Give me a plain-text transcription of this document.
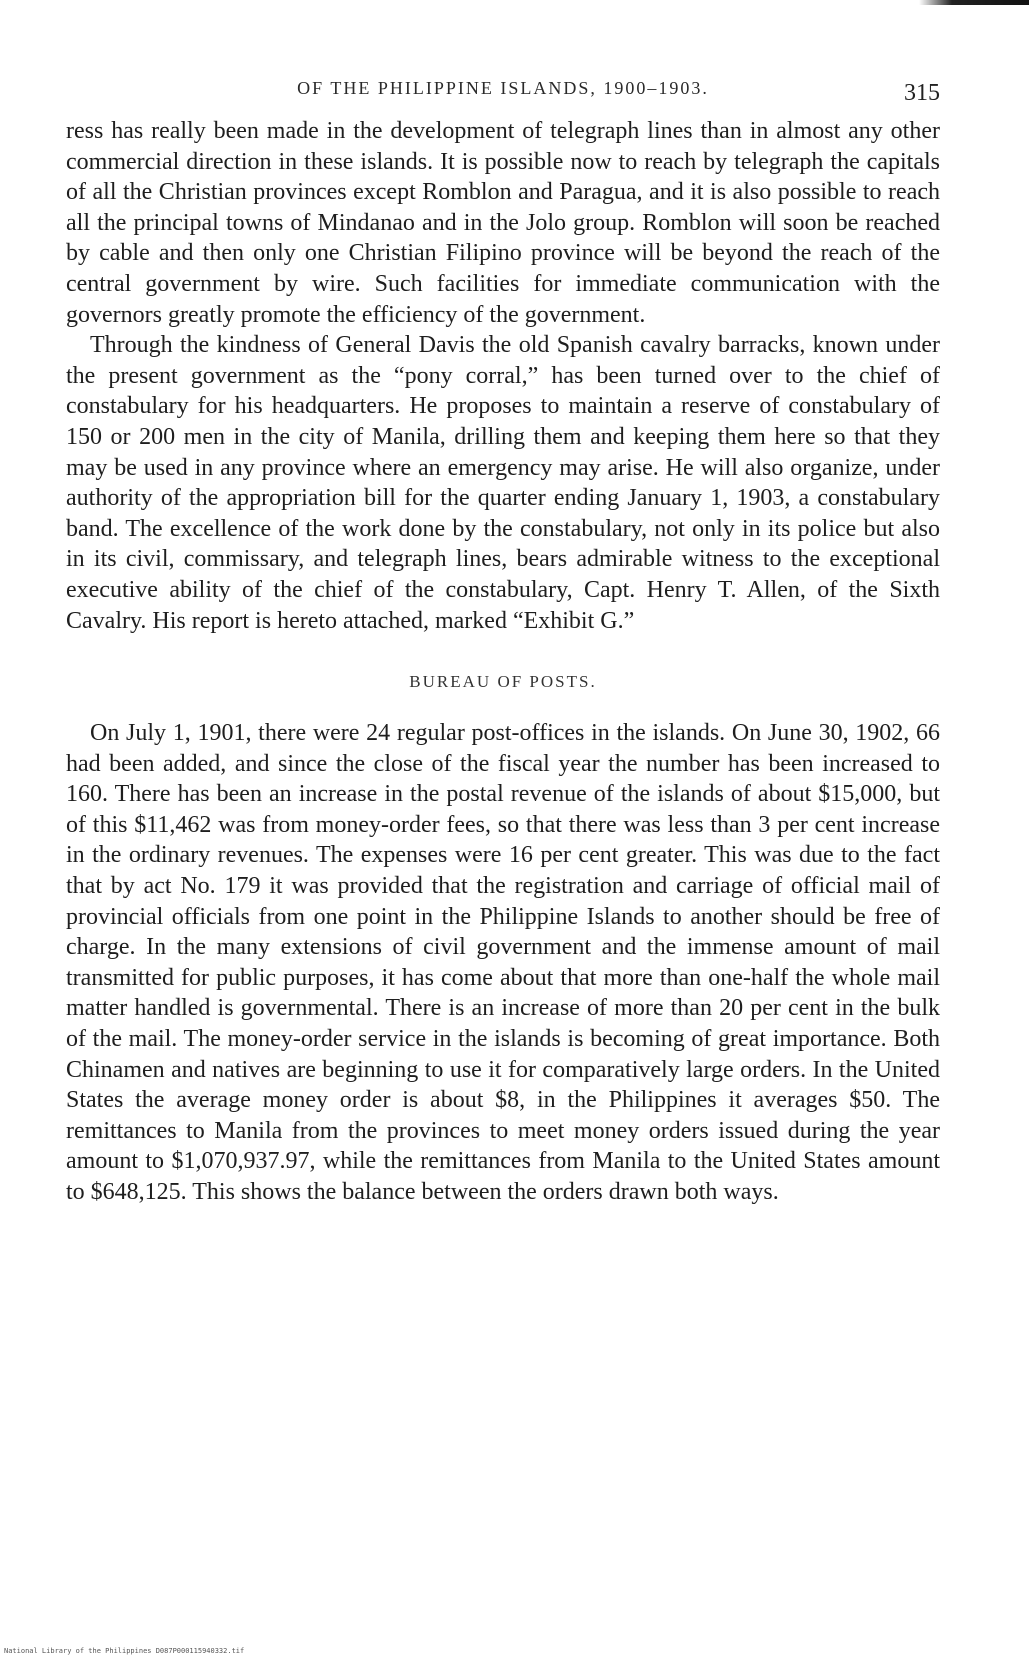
OF THE PHILIPPINE ISLANDS, 1900–1903.	315

ress has really been made in the development of telegraph lines than in almost any other commercial direction in these islands. It is possible now to reach by telegraph the capitals of all the Christian provinces except Romblon and Paragua, and it is also possible to reach all the principal towns of Mindanao and in the Jolo group. Romblon will soon be reached by cable and then only one Christian Filipino province will be beyond the reach of the central government by wire. Such facilities for immediate communication with the governors greatly promote the efficiency of the government.

Through the kindness of General Davis the old Spanish cavalry barracks, known under the present government as the “pony corral,” has been turned over to the chief of constabulary for his headquarters. He proposes to maintain a reserve of constabulary of 150 or 200 men in the city of Manila, drilling them and keeping them here so that they may be used in any province where an emergency may arise. He will also organize, under authority of the appropriation bill for the quarter ending January 1, 1903, a constabulary band. The excellence of the work done by the constabulary, not only in its police but also in its civil, commissary, and telegraph lines, bears admirable witness to the exceptional executive ability of the chief of the constabulary, Capt. Henry T. Allen, of the Sixth Cavalry. His report is hereto attached, marked “Exhibit G.”

BUREAU OF POSTS.

On July 1, 1901, there were 24 regular post-offices in the islands. On June 30, 1902, 66 had been added, and since the close of the fiscal year the number has been increased to 160. There has been an increase in the postal revenue of the islands of about $15,000, but of this $11,462 was from money-order fees, so that there was less than 3 per cent increase in the ordinary revenues. The expenses were 16 per cent greater. This was due to the fact that by act No. 179 it was provided that the registration and carriage of official mail of provincial officials from one point in the Philippine Islands to another should be free of charge. In the many extensions of civil government and the immense amount of mail transmitted for public purposes, it has come about that more than one-half the whole mail matter handled is governmental. There is an increase of more than 20 per cent in the bulk of the mail. The money-order service in the islands is becoming of great importance. Both Chinamen and natives are beginning to use it for comparatively large orders. In the United States the average money order is about $8, in the Philippines it averages $50. The remittances to Manila from the provinces to meet money orders issued during the year amount to $1,070,937.97, while the remittances from Manila to the United States amount to $648,125. This shows the balance between the orders drawn both ways.

National Library of the Philippines D087P000115940332.tif
